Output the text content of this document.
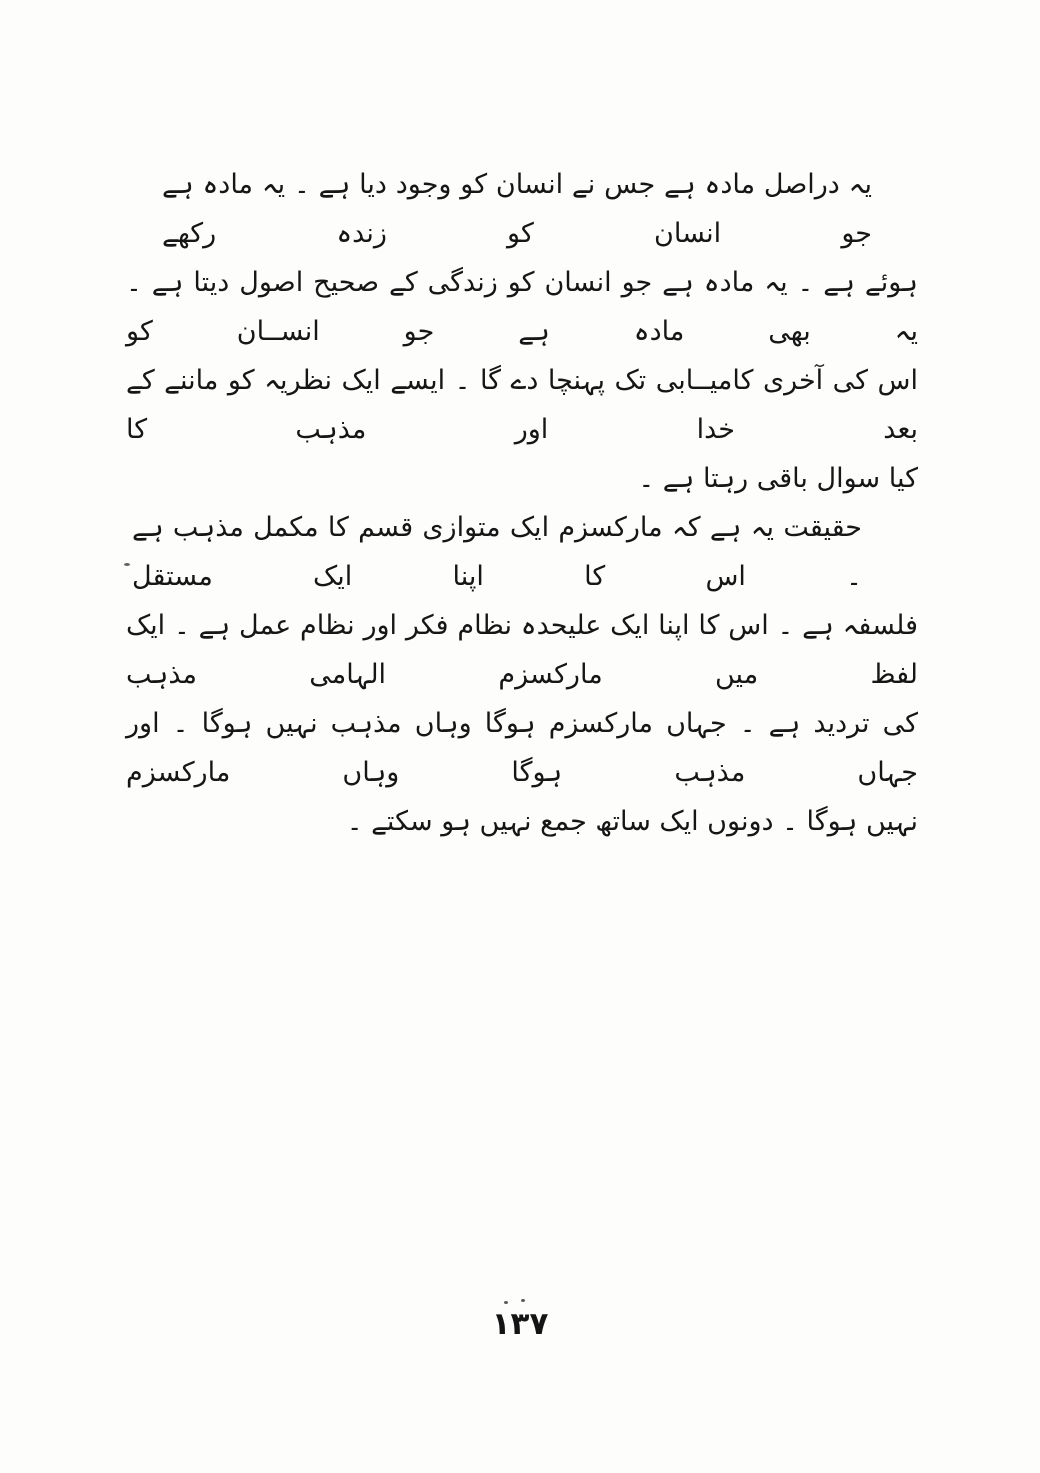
یہ دراصل مادہ ہے جس نے انسان کو وجود دیا ہے ۔ یہ مادہ ہے جو انسان کو زندہ رکھے
ہوئے ہے ۔ یہ مادہ ہے جو انسان کو زندگی کے صحیح اصول دیتا ہے ۔ یہ بھی مادہ ہے جو انســان کو
اس کی آخری کامیــابی تک پہنچا دے گا ۔ ایسے ایک نظریہ کو ماننے کے بعد خدا اور مذہب کا
کیا سوال باقی رہتا ہے ۔
حقیقت یہ ہے کہ مارکسزم ایک متوازی قسم کا مکمل مذہب ہے ۔ اس کا اپنا ایک مستقل
فلسفہ ہے ۔ اس کا اپنا ایک علیحدہ نظام فکر اور نظام عمل ہے ۔ ایک لفظ میں مارکسزم الہامی مذہب
کی تردید ہے ۔ جہاں مارکسزم ہوگا وہاں مذہب نہیں ہوگا ۔ اور جہاں مذہب ہوگا وہاں مارکسزم
نہیں ہوگا ۔ دونوں ایک ساتھ جمع نہیں ہو سکتے ۔
۱۳۷
